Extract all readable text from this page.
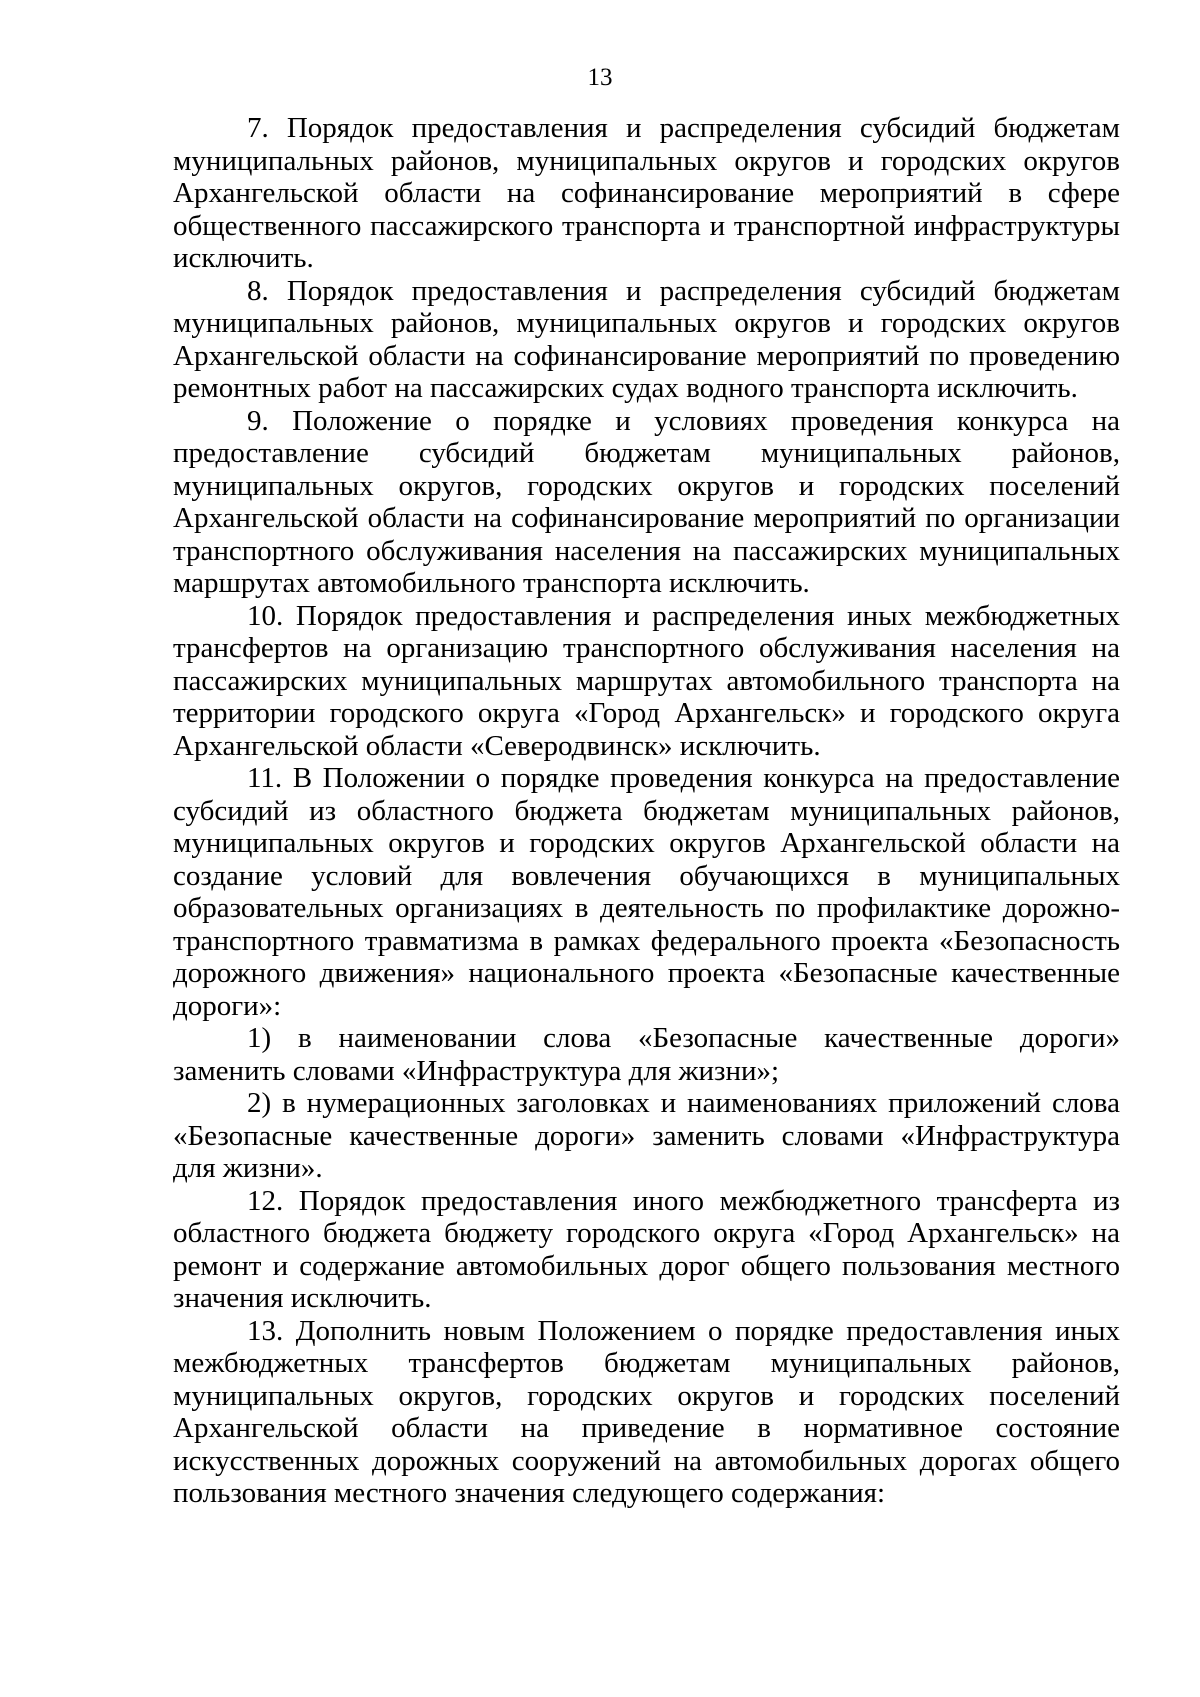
13

7. Порядок предоставления и распределения субсидий бюджетам муниципальных районов, муниципальных округов и городских округов Архангельской области на софинансирование мероприятий в сфере общественного пассажирского транспорта и транспортной инфраструктуры исключить.

8. Порядок предоставления и распределения субсидий бюджетам муниципальных районов, муниципальных округов и городских округов Архангельской области на софинансирование мероприятий по проведению ремонтных работ на пассажирских судах водного транспорта исключить.

9. Положение о порядке и условиях проведения конкурса на предоставление субсидий бюджетам муниципальных районов, муниципальных округов, городских округов и городских поселений Архангельской области на софинансирование мероприятий по организации транспортного обслуживания населения на пассажирских муниципальных маршрутах автомобильного транспорта исключить.

10. Порядок предоставления и распределения иных межбюджетных трансфертов на организацию транспортного обслуживания населения на пассажирских муниципальных маршрутах автомобильного транспорта на территории городского округа «Город Архангельск» и городского округа Архангельской области «Северодвинск» исключить.

11. В Положении о порядке проведения конкурса на предоставление субсидий из областного бюджета бюджетам муниципальных районов, муниципальных округов и городских округов Архангельской области на создание условий для вовлечения обучающихся в муниципальных образовательных организациях в деятельность по профилактике дорожно-транспортного травматизма в рамках федерального проекта «Безопасность дорожного движения» национального проекта «Безопасные качественные дороги»:

1) в наименовании слова «Безопасные качественные дороги» заменить словами «Инфраструктура для жизни»;

2) в нумерационных заголовках и наименованиях приложений слова «Безопасные качественные дороги» заменить словами «Инфраструктура для жизни».

12. Порядок предоставления иного межбюджетного трансферта из областного бюджета бюджету городского округа «Город Архангельск» на ремонт и содержание автомобильных дорог общего пользования местного значения исключить.

13. Дополнить новым Положением о порядке предоставления иных межбюджетных трансфертов бюджетам муниципальных районов, муниципальных округов, городских округов и городских поселений Архангельской области на приведение в нормативное состояние искусственных дорожных сооружений на автомобильных дорогах общего пользования местного значения следующего содержания:
